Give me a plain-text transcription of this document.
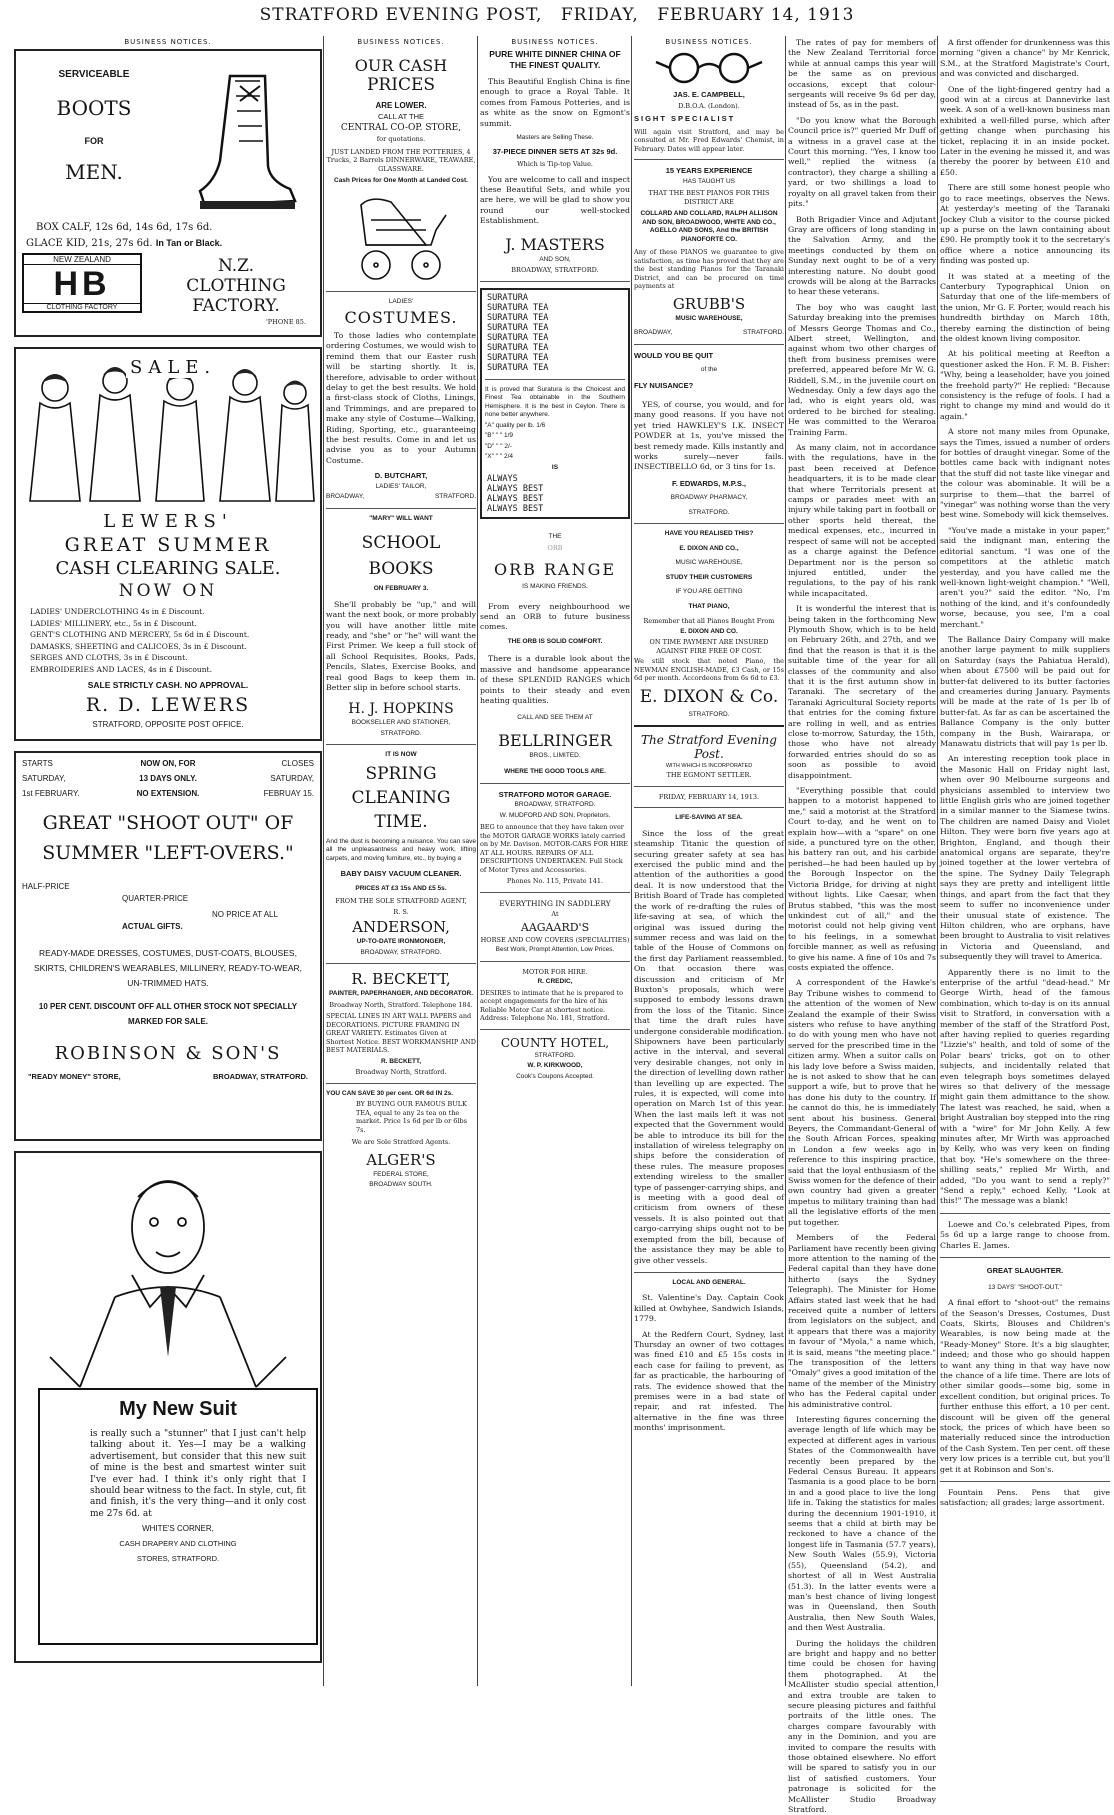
STRATFORD EVENING POST, FRIDAY, FEBRUARY 14, 1913
BUSINESS NOTICES.

SERVICEABLE

BOOTS

FOR

MEN.

BOX CALF, 12s 6d, 14s 6d, 17s 6d.

GLACE KID, 21s, 27s 6d. In Tan or Black.

NEW ZEALAND
HB
CLOTHING FACTORY

N.Z.

CLOTHING

FACTORY.

'PHONE 85.

SALE.

LEWERS'

GREAT SUMMER

CASH CLEARING SALE.

NOW ON

LADIES' UNDERCLOTHING 4s in £ Discount.

LADIES' MILLINERY, etc., 5s in £ Discount.

GENT'S CLOTHING AND MERCERY, 5s 6d in £ Discount.

DAMASKS, SHEETING and CALICOES, 3s in £ Discount.

SERGES AND CLOTHS, 3s in £ Discount.

EMBROIDERIES AND LACES, 4s in £ Discount.

SALE STRICTLY CASH. NO APPROVAL.

R. D. LEWERS

STRATFORD, OPPOSITE POST OFFICE.

STARTS	NOW ON, FOR	CLOSES
SATURDAY,	13 DAYS ONLY.	SATURDAY,
1st FEBRUARY.	NO EXTENSION.	FEBRUAY 15.

GREAT "SHOOT OUT" OF

SUMMER "LEFT-OVERS."

HALF-PRICE
QUARTER-PRICE
NO PRICE AT ALL
ACTUAL GIFTS.

READY-MADE DRESSES, COSTUMES, DUST-COATS, BLOUSES, SKIRTS, CHILDREN'S WEARABLES, MILLINERY, READY-TO-WEAR, UN-TRIMMED HATS.

10 PER CENT. DISCOUNT OFF ALL OTHER STOCK NOT SPECIALLY MARKED FOR SALE.

ROBINSON & SON'S

"READY MONEY" STORE,	BROADWAY, STRATFORD.

My New Suit

is really such a "stunner" that I just can't help talking about it. Yes—I may be a walking advertisement, but consider that this new suit of mine is the best and smartest winter suit I've ever had. I think it's only right that I should bear witness to the fact. In style, cut, fit and finish, it's the very thing—and it only cost me 27s 6d. at

WHITE'S CORNER,

CASH DRAPERY AND CLOTHING

STORES, STRATFORD.

BUSINESS NOTICES.

OUR CASH

PRICES

ARE LOWER.

CALL AT THE

CENTRAL CO-OP. STORE,

for quotations.

JUST LANDED FROM THE POTTERIES, 4 Trucks, 2 Barrels DINNERWARE, TEAWARE, GLASSWARE.

Cash Prices for One Month at Landed Cost.

LADIES'

COSTUMES.

To those ladies who contemplate ordering Costumes, we would wish to remind them that our Easter rush will be starting shortly. It is, therefore, advisable to order without delay to get the best results. We hold a first-class stock of Cloths, Linings, and Trimmings, and are prepared to make any style of Costume—Walking, Riding, Sporting, etc., guaranteeing the best results. Come in and let us advise you as to your Autumn Costume.

D. BUTCHART,

LADIES' TAILOR,

BROADWAY,	STRATFORD.

"MARY" WILL WANT

SCHOOL

BOOKS

ON FEBRUARY 3.

She'll probably be "up," and will want the next book, or more probably you will have another little mite ready, and "she" or "he" will want the First Primer. We keep a full stock of all School Requisites, Books, Pads, Pencils, Slates, Exercise Books, and real good Bags to keep them in. Better slip in before school starts.

H. J. HOPKINS

BOOKSELLER AND STATIONER,

STRATFORD.

IT IS NOW

SPRING

CLEANING

TIME.

And the dust is becoming a nuisance. You can save all the unpleasantness and heavy work, lifting carpets, and moving furniture, etc., by buying a

BABY DAISY VACUUM CLEANER.

PRICES AT £3 15s AND £5 5s.

FROM THE SOLE STRATFORD AGENT,

R. S.

ANDERSON,

UP-TO-DATE IRONMONGER,

BROADWAY, STRATFORD.

R. BECKETT,

PAINTER, PAPERHANGER, AND DECORATOR.

Broadway North, Stratford. Telephone 184.

SPECIAL LINES IN ART WALL PAPERS and DECORATIONS. PICTURE FRAMING IN GREAT VARIETY. Estimates Given at Shortest Notice. BEST WORKMANSHIP AND BEST MATERIALS.

R. BECKETT,

Broadway North, Stratford.

YOU CAN SAVE 30 per cent. OR 6d IN 2s.

BY BUYING OUR FAMOUS BULK TEA, equal to any 2s tea on the market. Price 1s 6d per lb or 6lbs 7s.

We are Sole Stratford Agents.

ALGER'S

FEDERAL STORE,

BROADWAY SOUTH.

BUSINESS NOTICES.

PURE WHITE DINNER CHINA OF THE FINEST QUALITY.

This Beautiful English China is fine enough to grace a Royal Table. It comes from Famous Potteries, and is as white as the snow on Egmont's summit.

Masters are Selling These.

37-PIECE DINNER SETS AT 32s 9d.

Which is Tip-top Value.

You are welcome to call and inspect these Beautiful Sets, and while you are here, we will be glad to show you round our well-stocked Establishment.

J. MASTERS

AND SON,

BROADWAY, STRATFORD.

SURATURA
SURATURA TEA
SURATURA TEA
SURATURA TEA
SURATURA TEA
SURATURA TEA
SURATURA TEA
SURATURA TEA

It is proved that Suratura is the Choicest and Finest Tea obtainable in the Southern Hemisphere. It is the best in Ceylon. There is none better anywhere.

"A" quality per lb. 1/6

"B" " " 1/9

"D" " " 2/-

"X" " " 2/4

IS

ALWAYS
ALWAYS BEST
ALWAYS BEST
ALWAYS BEST

THE

ORB

ORB RANGE

IS MAKING FRIENDS.

From every neighbourhood we send an ORB to future business comes.

THE ORB IS SOLID COMFORT.

There is a durable look about the massive and handsome appearance of these SPLENDID RANGES which points to their steady and even heating qualities.

CALL AND SEE THEM AT

BELLRINGER

BROS., LIMITED.

WHERE THE GOOD TOOLS ARE.

STRATFORD MOTOR GARAGE.

BROADWAY, STRATFORD.

W. MUDFORD AND SON, Proprietors.

BEG to announce that they have taken over the MOTOR GARAGE WORKS lately carried on by Mr. Davison. MOTOR-CARS FOR HIRE AT ALL HOURS. REPAIRS OF ALL DESCRIPTIONS UNDERTAKEN. Full Stock of Motor Tyres and Accessories.

Phones No. 115, Private 141.

EVERYTHING IN SADDLERY

At

AAGAARD'S

HORSE AND COW COVERS (SPECIALITIES)

Best Work, Prompt Attention, Low Prices.

MOTOR FOR HIRE.

R. CREDIC,

DESIRES to intimate that he is prepared to accept engagements for the hire of his Reliable Motor Car at shortest notice. Address: Telephone No. 181, Stratford.

COUNTY HOTEL,

STRATFORD.

W. P. KIRKWOOD,

Cook's Coupons Accepted.

BUSINESS NOTICES.

JAS. E. CAMPBELL,

D.B.O.A. (London).

SIGHT SPECIALIST

Will again visit Stratford, and may be consulted at Mr. Fred Edwards' Chemist, in February. Dates will appear later.

15 YEARS EXPERIENCE

HAS TAUGHT US

THAT THE BEST PIANOS FOR THIS DISTRICT ARE

COLLARD AND COLLARD, RALPH ALLISON AND SON, BROADWOOD, WHITE AND CO., AGELLO AND SONS, And the BRITISH PIANOFORTE CO.

Any of these PIANOS we guarantee to give satisfaction, as time has proved that they are the best standing Pianos for the Taranaki District, and can be procured on time payments at

GRUBB'S

MUSIC WAREHOUSE,

BROADWAY,	STRATFORD.

WOULD YOU BE QUIT

of the

FLY NUISANCE?

YES, of course, you would, and for many good reasons. If you have not yet tried HAWKLEY'S I.K. INSECT POWDER at 1s, you've missed the best remedy made. Kills instantly and works surely—never fails. INSECTIBELLO 6d, or 3 tins for 1s.

F. EDWARDS, M.P.S.,

BROADWAY PHARMACY,

STRATFORD.

HAVE YOU REALISED THIS?

E. DIXON AND CO.,

MUSIC WAREHOUSE,

STUDY THEIR CUSTOMERS

IF YOU ARE GETTING

THAT PIANO,

Remember that all Pianos Bought From

E. DIXON AND CO.

ON TIME PAYMENT ARE INSURED AGAINST FIRE FREE OF COST.

We still stock that noted Piano, the NEWMAN ENGLISH-MADE, £3 Cash, or 15s 6d per month. Accordeons from 6s 6d to £3.

E. DIXON & Co.

STRATFORD.

The Stratford Evening Post.

WITH WHICH IS INCORPORATED

THE EGMONT SETTLER.

FRIDAY, FEBRUARY 14, 1913.

LIFE-SAVING AT SEA.

Since the loss of the great steamship Titanic the question of securing greater safety at sea has exercised the public mind and the attention of the authorities a good deal. It is now understood that the British Board of Trade has completed the work of re-drafting the rules of life-saving at sea, of which the original was issued during the summer recess and was laid on the table of the House of Commons on the first day Parliament reassembled. On that occasion there was discussion and criticism of Mr Buxton's proposals, which were supposed to embody lessons drawn from the loss of the Titanic. Since that time the draft rules have undergone considerable modification. Shipowners have been particularly active in the interval, and several very desirable changes, not only in the direction of levelling down rather than levelling up are expected. The rules, it is expected, will come into operation on March 1st of this year. When the last mails left it was not expected that the Government would be able to introduce its bill for the installation of wireless telegraphy on ships before the consideration of these rules. The measure proposes extending wireless to the smaller type of passenger-carrying ships, and is meeting with a good deal of criticism from owners of these vessels. It is also pointed out that cargo-carrying ships ought not to be exempted from the bill, because of the assistance they may be able to give other vessels.

LOCAL AND GENERAL.

St. Valentine's Day. Captain Cook killed at Owhyhee, Sandwich Islands, 1779.

At the Redfern Court, Sydney, last Thursday an owner of two cottages was fined £10 and £5 15s costs in each case for failing to prevent, as far as practicable, the harbouring of rats. The evidence showed that the premises were in a bad state of repair, and rat infested. The alternative in the fine was three months' imprisonment.

The rates of pay for members of the New Zealand Territorial force while at annual camps this year will be the same as on previous occasions, except that colour-sergeants will receive 9s 6d per day, instead of 5s, as in the past.

"Do you know what the Borough Council price is?" queried Mr Duff of a witness in a gravel case at the Court this morning. "Yes, I know too well," replied the witness (a contractor), they charge a shilling a yard, or two shillings a load to royalty on all gravel taken from their pits."

Both Brigadier Vince and Adjutant Gray are officers of long standing in the Salvation Army, and the meetings conducted by them on Sunday next ought to be of a very interesting nature. No doubt good crowds will be along at the Barracks to hear these veterans.

The boy who was caught last Saturday breaking into the premises of Messrs George Thomas and Co., Albert street, Wellington, and against whom two other charges of theft from business premises were preferred, appeared before Mr W. G. Riddell, S.M., in the juvenile court on Wednesday. Only a few days ago the lad, who is eight years old, was ordered to be birched for stealing. He was committed to the Weraroa Training Farm.

As many claim, not in accordance with the regulations, have in the past been received at Defence headquarters, it is to be made clear that where Territorials present at camps or parades meet with an injury while taking part in football or other sports held thereat, the medical expenses, etc., incurred in respect of same will not be accepted as a charge against the Defence Department nor is the person so injured entitled, under the regulations, to the pay of his rank while incapacitated.

It is wonderful the interest that is being taken in the forthcoming New Plymouth Show, which is to be held on February 26th, and 27th, and we find that the reason is that it is the suitable time of the year for all classes of the community and also that it is the first autumn show in Taranaki. The secretary of the Taranaki Agricultural Society reports that entries for the coming fixture are rolling in well, and as entries close to-morrow, Saturday, the 15th, those who have not already forwarded entries should do so as soon as possible to avoid disappointment.

"Everything possible that could happen to a motorist happened to me," said a motorist at the Stratford Court to-day, and he went on to explain how—with a "spare" on one side, a punctured tyre on the other, his battery ran out, and his carbide perished—he had been hauled up by the Borough Inspector on the Victoria Bridge, for driving at night without lights. Like Caesar, when Brutus stabbed, "this was the most unkindest cut of all," and the motorist could not help giving vent to his feelings, in a somewhat forcible manner, as well as refusing to give his name. A fine of 10s and 7s costs expiated the offence.

A correspondent of the Hawke's Bay Tribune wishes to commend to the attention of the women of New Zealand the example of their Swiss sisters who refuse to have anything to do with young men who have not served for the prescribed time in the citizen army. When a suitor calls on his lady love before a Swiss maiden, he is not asked to show that he can support a wife, but to prove that he has done his duty to the country. If he cannot do this, he is immediately sent about his business. General Beyers, the Commandant-General of the South African Forces, speaking in London a few weeks ago in reference to this inspiring practice, said that the loyal enthusiasm of the Swiss women for the defence of their own country had given a greater impetus to military training than had all the legislative efforts of the men put together.

Members of the Federal Parliament have recently been giving more attention to the naming of the Federal capital than they have done hitherto (says the Sydney Telegraph). The Minister for Home Affairs stated last week that he had received quite a number of letters from legislators on the subject, and it appears that there was a majority in favour of "Myola," a name which, it is said, means "the meeting place." The transposition of the letters "Omaly" gives a good imitation of the name of the member of the Ministry who has the Federal capital under his administrative control.

Interesting figures concerning the average length of life which may be expected at different ages in various States of the Commonwealth have recently been prepared by the Federal Census Bureau. It appears Tasmania is a good place to be born in and a good place to live the long life in. Taking the statistics for males during the decennium 1901-1910, it seems that a child at birth may be reckoned to have a chance of the longest life in Tasmania (57.7 years), New South Wales (55.9), Victoria (55), Queensland (54.2), and shortest of all in West Australia (51.3). In the latter events were a man's best chance of living longest was in Queensland, then South Australia, then New South Wales, and then West Australia.

During the holidays the children are bright and happy and no better time could be chosen for having them photographed. At the McAllister studio special attention, and extra trouble are taken to secure pleasing pictures and faithful portraits of the little ones. The charges compare favourably with any in the Dominion, and you are invited to compare the results with those obtained elsewhere. No effort will be spared to satisfy you in our list of satisfied customers. Your patronage is solicited for the McAllister Studio Broadway Stratford.

A first offender for drunkenness was this morning "given a chance" by Mr Kenrick, S.M., at the Stratford Magistrate's Court, and was convicted and discharged.

One of the light-fingered gentry had a good win at a circus at Dannevirke last week. A son of a well-known business man exhibited a well-filled purse, which after getting change when purchasing his ticket, replacing it in an inside pocket. Later in the evening he missed it, and was thereby the poorer by between £10 and £50.

There are still some honest people who go to race meetings, observes the News. At yesterday's meeting of the Taranaki Jockey Club a visitor to the course picked up a purse on the lawn containing about £90. He promptly took it to the secretary's office where a notice announcing its finding was posted up.

It was stated at a meeting of the Canterbury Typographical Union on Saturday that one of the life-members of the union, Mr G. F. Porter, would reach his hundredth birthday on March 18th, thereby earning the distinction of being the oldest known living compositor.

At his political meeting at Reefton a questioner asked the Hon. F. M. B. Fisher: "Why, being a leaseholder, have you joined the freehold party?" He replied: "Because consistency is the refuge of fools. I had a right to change my mind and would do it again."

A store not many miles from Opunake, says the Times, issued a number of orders for bottles of draught vinegar. Some of the bottles came back with indignant notes that the stuff did not taste like vinegar and the colour was abominable. It will be a surprise to them—that the barrel of "vinegar" was nothing worse than the very best wine. Somebody will kick themselves.

"You've made a mistake in your paper," said the indignant man, entering the editorial sanctum. "I was one of the competitors at the athletic match yesterday, and you have called me the well-known light-weight champion." "Well, aren't you?" said the editor. "No, I'm nothing of the kind, and it's confoundedly worse, because, you see, I'm a coal merchant."

The Ballance Dairy Company will make another large payment to milk suppliers on Saturday (says the Pahiatua Herald), when about £7500 will be paid out for butter-fat delivered to its butter factories and creameries during January. Payments will be made at the rate of 1s per lb of butter-fat. As far as can be ascertained the Ballance Company is the only butter company in the Bush, Wairarapa, or Manawatu districts that will pay 1s per lb.

An interesting reception took place in the Masonic Hall on Friday night last, when over 90 Melbourne surgeons and physicians assembled to interview two little English girls who are joined together in a similar manner to the Siamese twins. The children are named Daisy and Violet Hilton. They were born five years ago at Brighton, England, and though their anatomical organs are separate, they're joined together at the lower vertebra of the spine. The Sydney Daily Telegraph says they are pretty and intelligent little things, and apart from the fact that they seem to suffer no inconvenience under their unusual state of existence. The Hilton children, who are orphans, have been brought to Australia to visit relatives in Victoria and Queensland, and subsequently they will travel to America.

Apparently there is no limit to the enterprise of the artful "dead-head." Mr George Wirth, head of the famous combination, which to-day is on its annual visit to Stratford, in conversation with a member of the staff of the Stratford Post, after having replied to queries regarding "Lizzie's" health, and told of some of the Polar bears' tricks, got on to other subjects, and incidentally related that even telegraph boys sometimes delayed wires so that delivery of the message might gain them admittance to the show. The latest was reached, he said, when a bright Australian boy stepped into the ring with a "wire" for Mr John Kelly. A few minutes after, Mr Wirth was approached by Kelly, who was very keen on finding that boy. "He's somewhere on the three-shilling seats," replied Mr Wirth, and added, "Do you want to send a reply?" "Send a reply," echoed Kelly, "Look at this!" The message was a blank!

Loewe and Co.'s celebrated Pipes, from 5s 6d up a large range to choose from. Charles E. James.

GREAT SLAUGHTER.

13 DAYS' "SHOOT-OUT."

A final effort to "shoot-out" the remains of the Season's Dresses, Costumes, Dust Coats, Skirts, Blouses and Children's Wearables, is now being made at the "Ready-Money" Store. It's a big slaughter, indeed; and those who go should happen to want any thing in that way have now the chance of a life time. There are lots of other similar goods—some big, some in excellent condition, but original prices. To further enthuse this effort, a 10 per cent. discount will be given off the general stock, the prices of which have been so materially reduced since the introduction of the Cash System. Ten per cent. off these very low prices is a terrible cut, but you'll get it at Robinson and Son's.

Fountain Pens. Pens that give satisfaction; all grades; large assortment.
